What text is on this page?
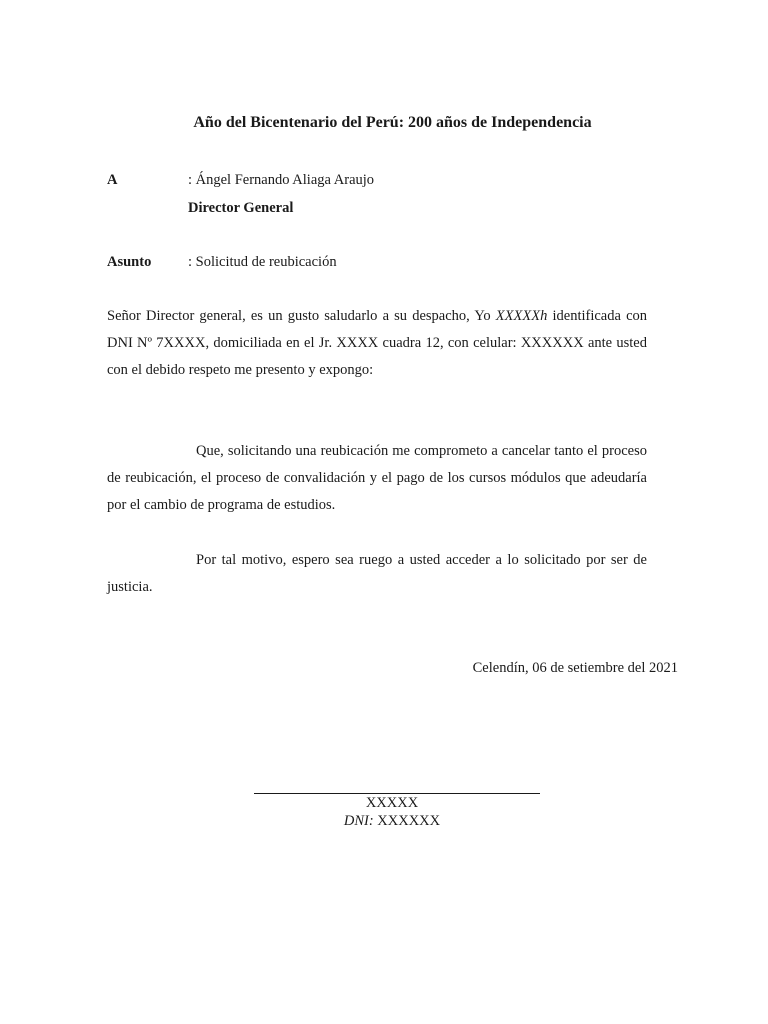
Año del Bicentenario del Perú: 200 años de Independencia
A	: Ángel Fernando Aliaga Araujo
Director General
Asunto	: Solicitud de reubicación
Señor Director general, es un gusto saludarlo a su despacho, Yo XXXXXh identificada con DNI Nº 7XXXX, domiciliada en el Jr. XXXX cuadra 12, con celular: XXXXXX ante usted con el debido respeto me presento y expongo:
Que, solicitando una reubicación me comprometo a cancelar tanto el proceso de reubicación, el proceso de convalidación y el pago de los cursos módulos que adeudaría por el cambio de programa de estudios.
Por tal motivo, espero sea ruego a usted acceder a lo solicitado por ser de justicia.
Celendín, 06 de setiembre del 2021
XXXXX
DNI: XXXXXX
